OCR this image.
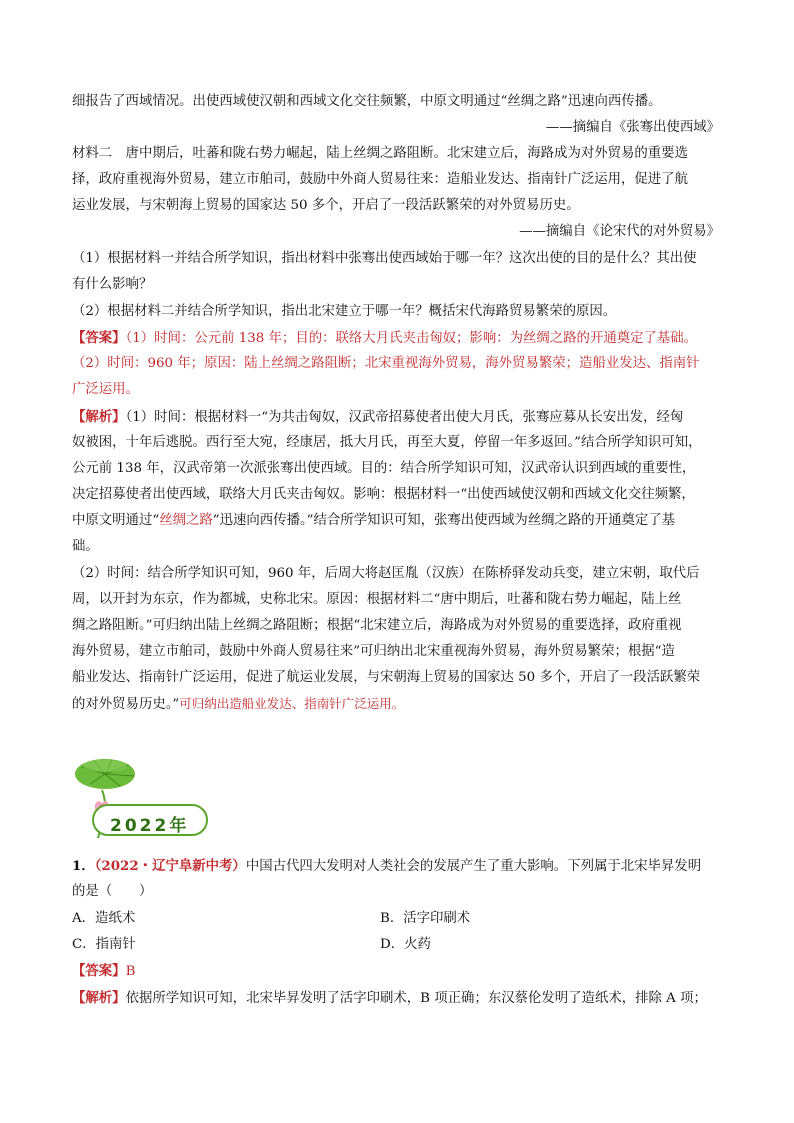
细报告了西域情况。出使西域使汉朝和西域文化交往频繁，中原文明通过“丝绸之路”迅速向西传播。
——摘编自《张骞出使西域》
材料二　唐中期后，吐蕃和陇右势力崛起，陆上丝绸之路阻断。北宋建立后，海路成为对外贸易的重要选
择，政府重视海外贸易，建立市舶司，鼓励中外商人贸易往来：造船业发达、指南针广泛运用，促进了航
运业发展，与宋朝海上贸易的国家达 50 多个，开启了一段活跃繁荣的对外贸易历史。
——摘编自《论宋代的对外贸易》
（1）根据材料一并结合所学知识，指出材料中张骞出使西域始于哪一年？这次出使的目的是什么？其出使
有什么影响？
（2）根据材料二并结合所学知识，指出北宋建立于哪一年？概括宋代海路贸易繁荣的原因。
【答案】（1）时间：公元前 138 年；目的：联络大月氏夹击匈奴；影响：为丝绸之路的开通奠定了基础。
（2）时间：960 年；原因：陆上丝绸之路阻断；北宋重视海外贸易，海外贸易繁荣；造船业发达、指南针
广泛运用。
【解析】（1）时间：根据材料一“为共击匈奴，汉武帝招募使者出使大月氏，张骞应募从长安出发，经匈
奴被困，十年后逃脱。西行至大宛，经康居，抵大月氏，再至大夏，停留一年多返回。”结合所学知识可知，
公元前 138 年，汉武帝第一次派张骞出使西域。目的：结合所学知识可知，汉武帝认识到西域的重要性，
决定招募使者出使西域，联络大月氏夹击匈奴。影响：根据材料一“出使西域使汉朝和西域文化交往频繁，
中原文明通过“丝绸之路”迅速向西传播。”结合所学知识可知，张骞出使西域为丝绸之路的开通奠定了基
础。
（2）时间：结合所学知识可知，960 年，后周大将赵匡胤（汉族）在陈桥驿发动兵变，建立宋朝，取代后
周，以开封为东京，作为都城，史称北宋。原因：根据材料二“唐中期后，吐蕃和陇右势力崛起，陆上丝
绸之路阻断。”可归纳出陆上丝绸之路阻断；根据“北宋建立后，海路成为对外贸易的重要选择，政府重视
海外贸易，建立市舶司，鼓励中外商人贸易往来”可归纳出北宋重视海外贸易，海外贸易繁荣；根据“造
船业发达、指南针广泛运用，促进了航运业发展，与宋朝海上贸易的国家达 50 多个，开启了一段活跃繁荣
的对外贸易历史。”可归纳出造船业发达、指南针广泛运用。
2022年
1．（2022・辽宁阜新中考）中国古代四大发明对人类社会的发展产生了重大影响。下列属于北宋毕昇发明
的是（　　）
A．造纸术	B．活字印刷术
C．指南针	D．火药
【答案】B
【解析】依据所学知识可知，北宋毕昇发明了活字印刷术，B 项正确；东汉蔡伦发明了造纸术，排除 A 项；
